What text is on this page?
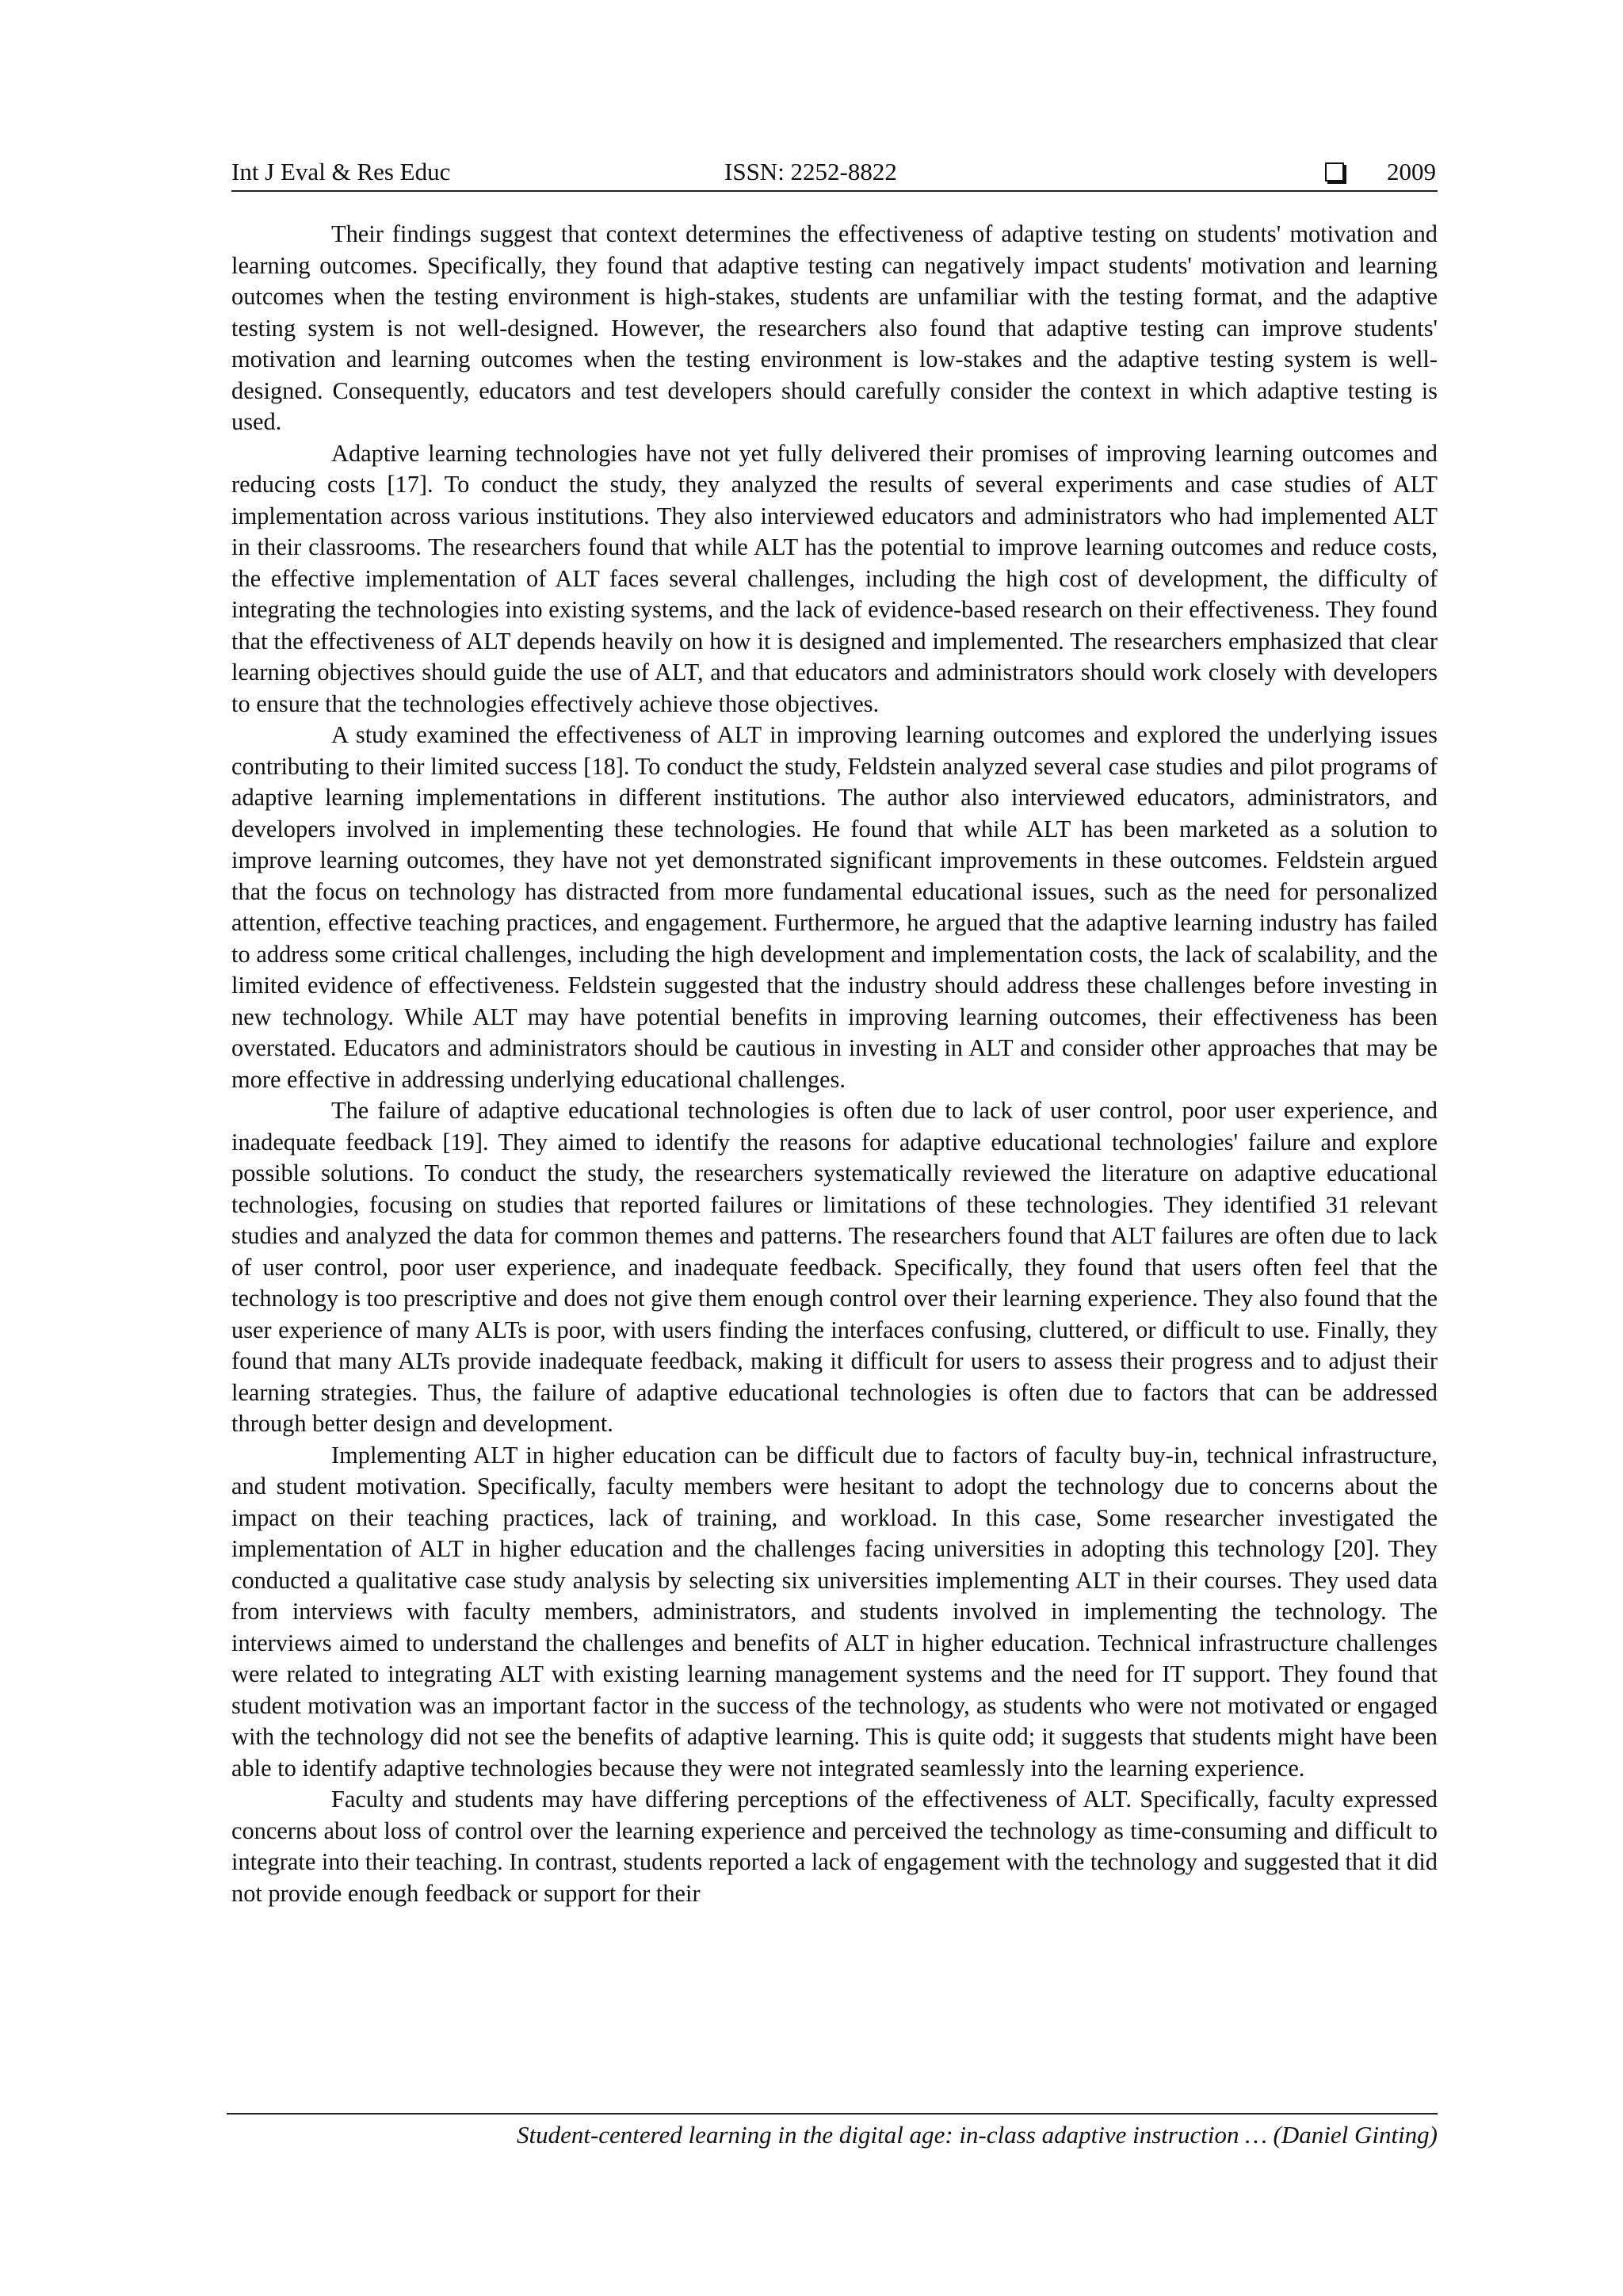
Int J Eval & Res Educ	ISSN: 2252-8822	2009

Their findings suggest that context determines the effectiveness of adaptive testing on students' motivation and learning outcomes. Specifically, they found that adaptive testing can negatively impact students' motivation and learning outcomes when the testing environment is high-stakes, students are unfamiliar with the testing format, and the adaptive testing system is not well-designed. However, the researchers also found that adaptive testing can improve students' motivation and learning outcomes when the testing environment is low-stakes and the adaptive testing system is well-designed. Consequently, educators and test developers should carefully consider the context in which adaptive testing is used.

Adaptive learning technologies have not yet fully delivered their promises of improving learning outcomes and reducing costs [17]. To conduct the study, they analyzed the results of several experiments and case studies of ALT implementation across various institutions. They also interviewed educators and administrators who had implemented ALT in their classrooms. The researchers found that while ALT has the potential to improve learning outcomes and reduce costs, the effective implementation of ALT faces several challenges, including the high cost of development, the difficulty of integrating the technologies into existing systems, and the lack of evidence-based research on their effectiveness. They found that the effectiveness of ALT depends heavily on how it is designed and implemented. The researchers emphasized that clear learning objectives should guide the use of ALT, and that educators and administrators should work closely with developers to ensure that the technologies effectively achieve those objectives.

A study examined the effectiveness of ALT in improving learning outcomes and explored the underlying issues contributing to their limited success [18]. To conduct the study, Feldstein analyzed several case studies and pilot programs of adaptive learning implementations in different institutions. The author also interviewed educators, administrators, and developers involved in implementing these technologies. He found that while ALT has been marketed as a solution to improve learning outcomes, they have not yet demonstrated significant improvements in these outcomes. Feldstein argued that the focus on technology has distracted from more fundamental educational issues, such as the need for personalized attention, effective teaching practices, and engagement. Furthermore, he argued that the adaptive learning industry has failed to address some critical challenges, including the high development and implementation costs, the lack of scalability, and the limited evidence of effectiveness. Feldstein suggested that the industry should address these challenges before investing in new technology. While ALT may have potential benefits in improving learning outcomes, their effectiveness has been overstated. Educators and administrators should be cautious in investing in ALT and consider other approaches that may be more effective in addressing underlying educational challenges.

The failure of adaptive educational technologies is often due to lack of user control, poor user experience, and inadequate feedback [19]. They aimed to identify the reasons for adaptive educational technologies' failure and explore possible solutions. To conduct the study, the researchers systematically reviewed the literature on adaptive educational technologies, focusing on studies that reported failures or limitations of these technologies. They identified 31 relevant studies and analyzed the data for common themes and patterns. The researchers found that ALT failures are often due to lack of user control, poor user experience, and inadequate feedback. Specifically, they found that users often feel that the technology is too prescriptive and does not give them enough control over their learning experience. They also found that the user experience of many ALTs is poor, with users finding the interfaces confusing, cluttered, or difficult to use. Finally, they found that many ALTs provide inadequate feedback, making it difficult for users to assess their progress and to adjust their learning strategies. Thus, the failure of adaptive educational technologies is often due to factors that can be addressed through better design and development.

Implementing ALT in higher education can be difficult due to factors of faculty buy-in, technical infrastructure, and student motivation. Specifically, faculty members were hesitant to adopt the technology due to concerns about the impact on their teaching practices, lack of training, and workload. In this case, Some researcher investigated the implementation of ALT in higher education and the challenges facing universities in adopting this technology [20]. They conducted a qualitative case study analysis by selecting six universities implementing ALT in their courses. They used data from interviews with faculty members, administrators, and students involved in implementing the technology. The interviews aimed to understand the challenges and benefits of ALT in higher education. Technical infrastructure challenges were related to integrating ALT with existing learning management systems and the need for IT support. They found that student motivation was an important factor in the success of the technology, as students who were not motivated or engaged with the technology did not see the benefits of adaptive learning. This is quite odd; it suggests that students might have been able to identify adaptive technologies because they were not integrated seamlessly into the learning experience.

Faculty and students may have differing perceptions of the effectiveness of ALT. Specifically, faculty expressed concerns about loss of control over the learning experience and perceived the technology as time-consuming and difficult to integrate into their teaching. In contrast, students reported a lack of engagement with the technology and suggested that it did not provide enough feedback or support for their

Student-centered learning in the digital age: in-class adaptive instruction … (Daniel Ginting)
